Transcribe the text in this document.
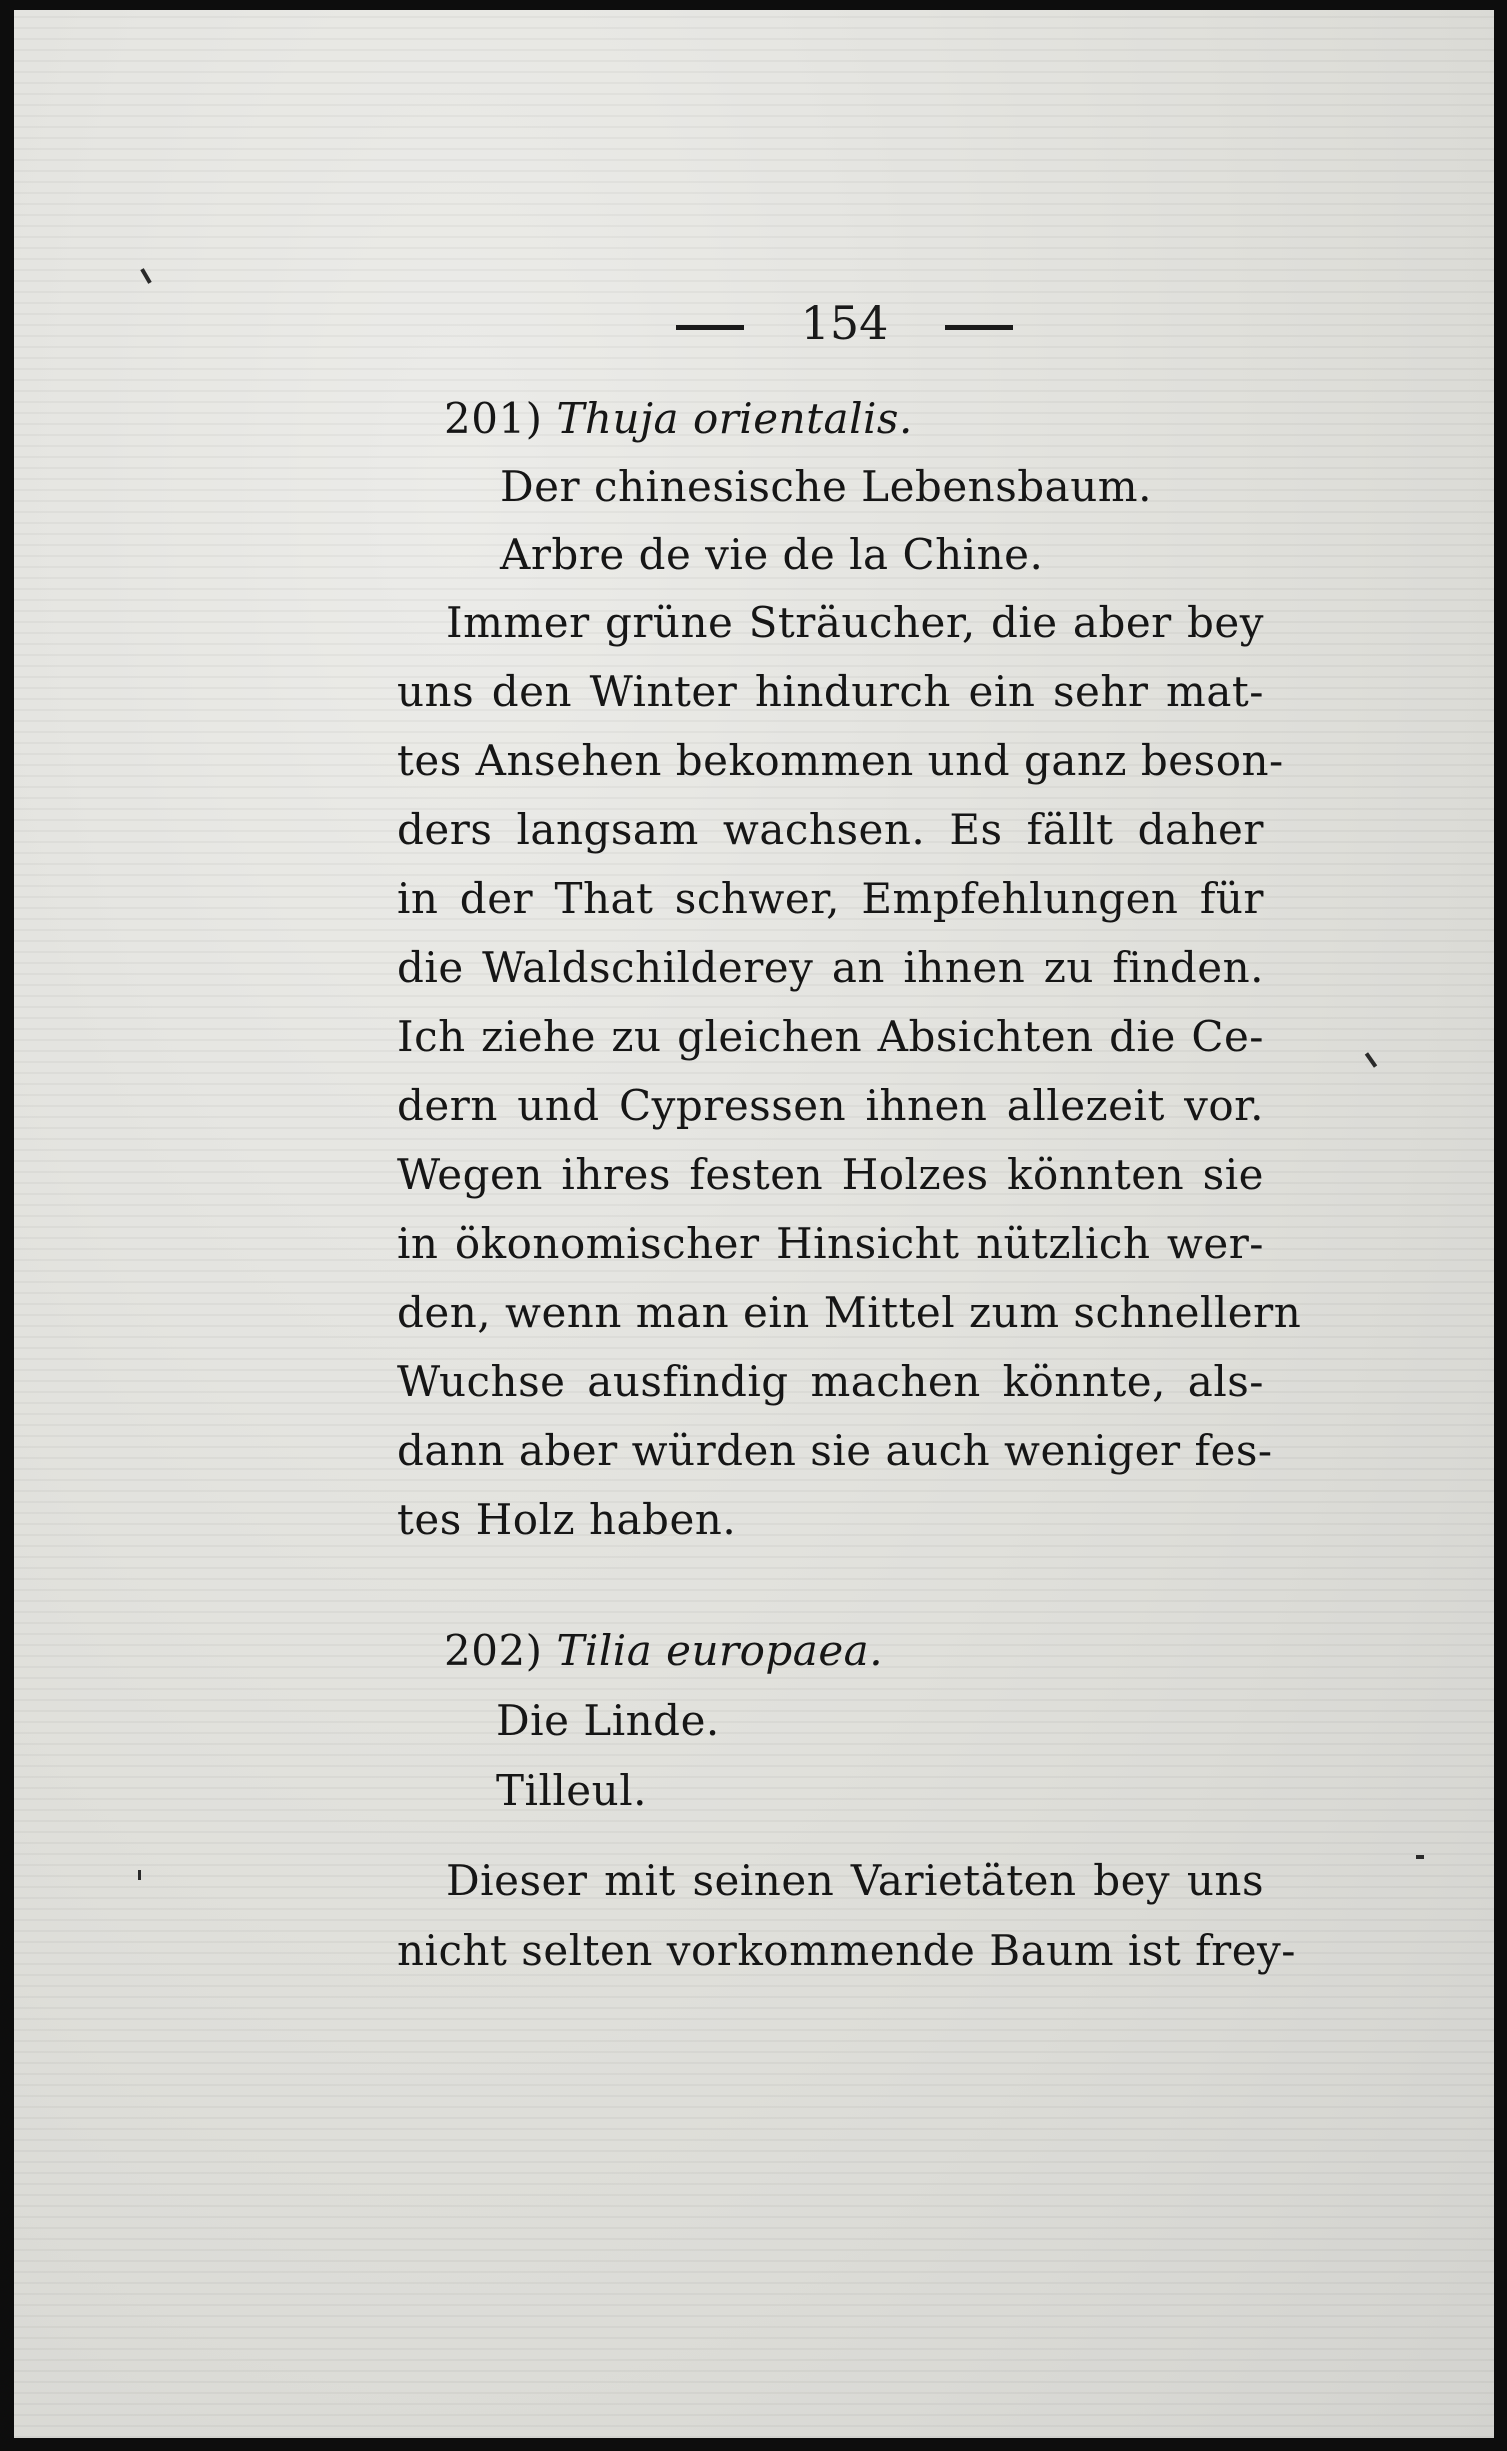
154

201) Thuja orientalis.

Der chinesische Lebensbaum.

Arbre de vie de la Chine.

Immer grüne Sträucher, die aber bey

uns den Winter hindurch ein sehr mat-

tes Ansehen bekommen und ganz beson-

ders langsam wachsen. Es fällt daher

in der That schwer, Empfehlungen für

die Waldschilderey an ihnen zu finden.

Ich ziehe zu gleichen Absichten die Ce-

dern und Cypressen ihnen allezeit vor.

Wegen ihres festen Holzes könnten sie

in ökonomischer Hinsicht nützlich wer-

den, wenn man ein Mittel zum schnellern

Wuchse ausfindig machen könnte, als-

dann aber würden sie auch weniger fes-

tes Holz haben.

202) Tilia europaea.

Die Linde.

Tilleul.

Dieser mit seinen Varietäten bey uns

nicht selten vorkommende Baum ist frey-
